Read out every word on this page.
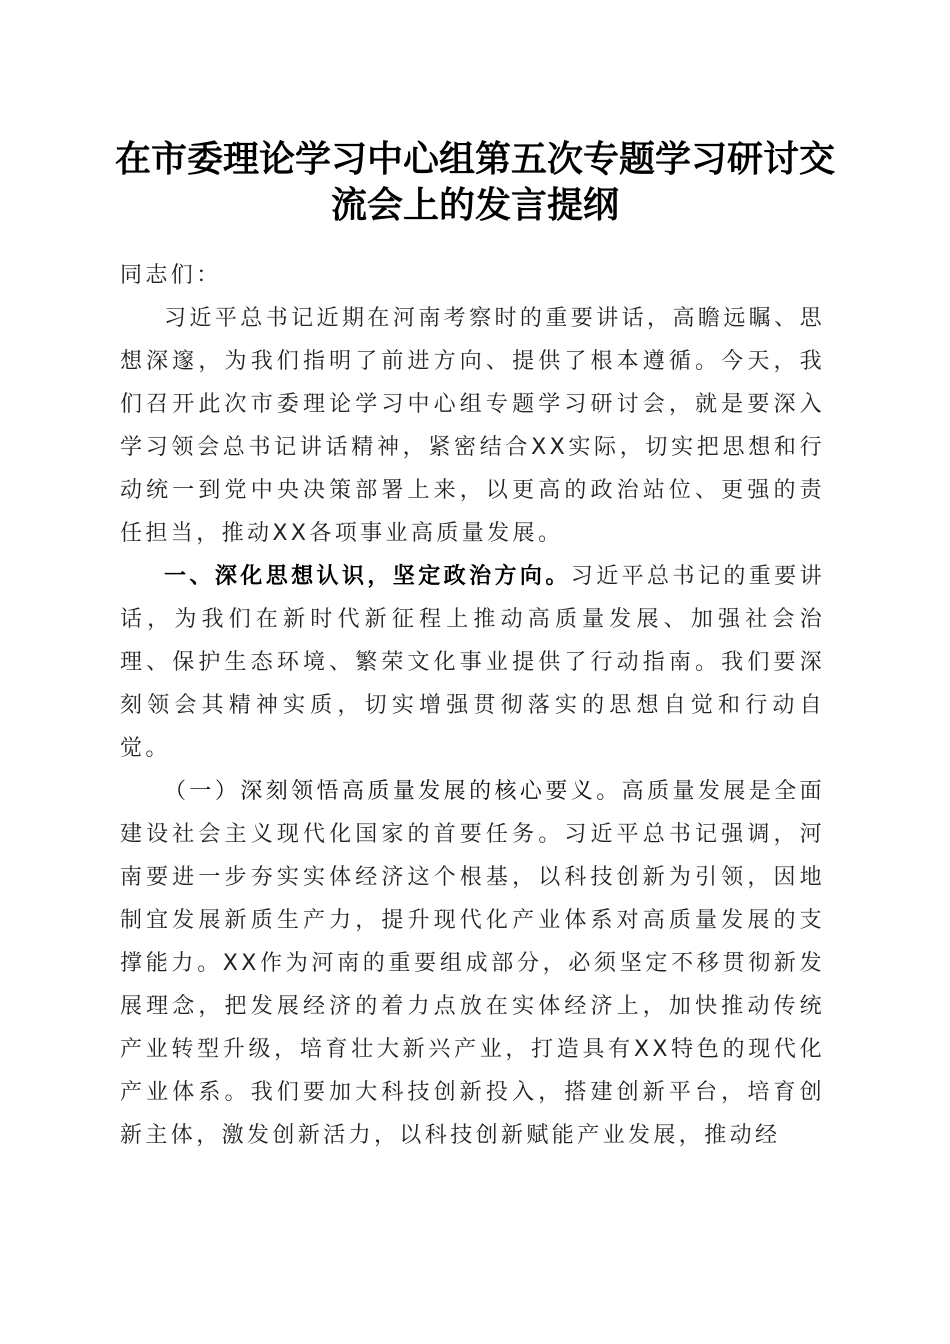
在市委理论学习中心组第五次专题学习研讨交
流会上的发言提纲

同志们：

习近平总书记近期在河南考察时的重要讲话，高瞻远瞩、思想深邃，为我们指明了前进方向、提供了根本遵循。今天，我们召开此次市委理论学习中心组专题学习研讨会，就是要深入学习领会总书记讲话精神，紧密结合XX实际，切实把思想和行动统一到党中央决策部署上来，以更高的政治站位、更强的责任担当，推动XX各项事业高质量发展。

一、深化思想认识，坚定政治方向。习近平总书记的重要讲话，为我们在新时代新征程上推动高质量发展、加强社会治理、保护生态环境、繁荣文化事业提供了行动指南。我们要深刻领会其精神实质，切实增强贯彻落实的思想自觉和行动自觉。

（一）深刻领悟高质量发展的核心要义。高质量发展是全面建设社会主义现代化国家的首要任务。习近平总书记强调，河南要进一步夯实实体经济这个根基，以科技创新为引领，因地制宜发展新质生产力，提升现代化产业体系对高质量发展的支撑能力。XX作为河南的重要组成部分，必须坚定不移贯彻新发展理念，把发展经济的着力点放在实体经济上，加快推动传统产业转型升级，培育壮大新兴产业，打造具有XX特色的现代化产业体系。我们要加大科技创新投入，搭建创新平台，培育创新主体，激发创新活力，以科技创新赋能产业发展，推动经
